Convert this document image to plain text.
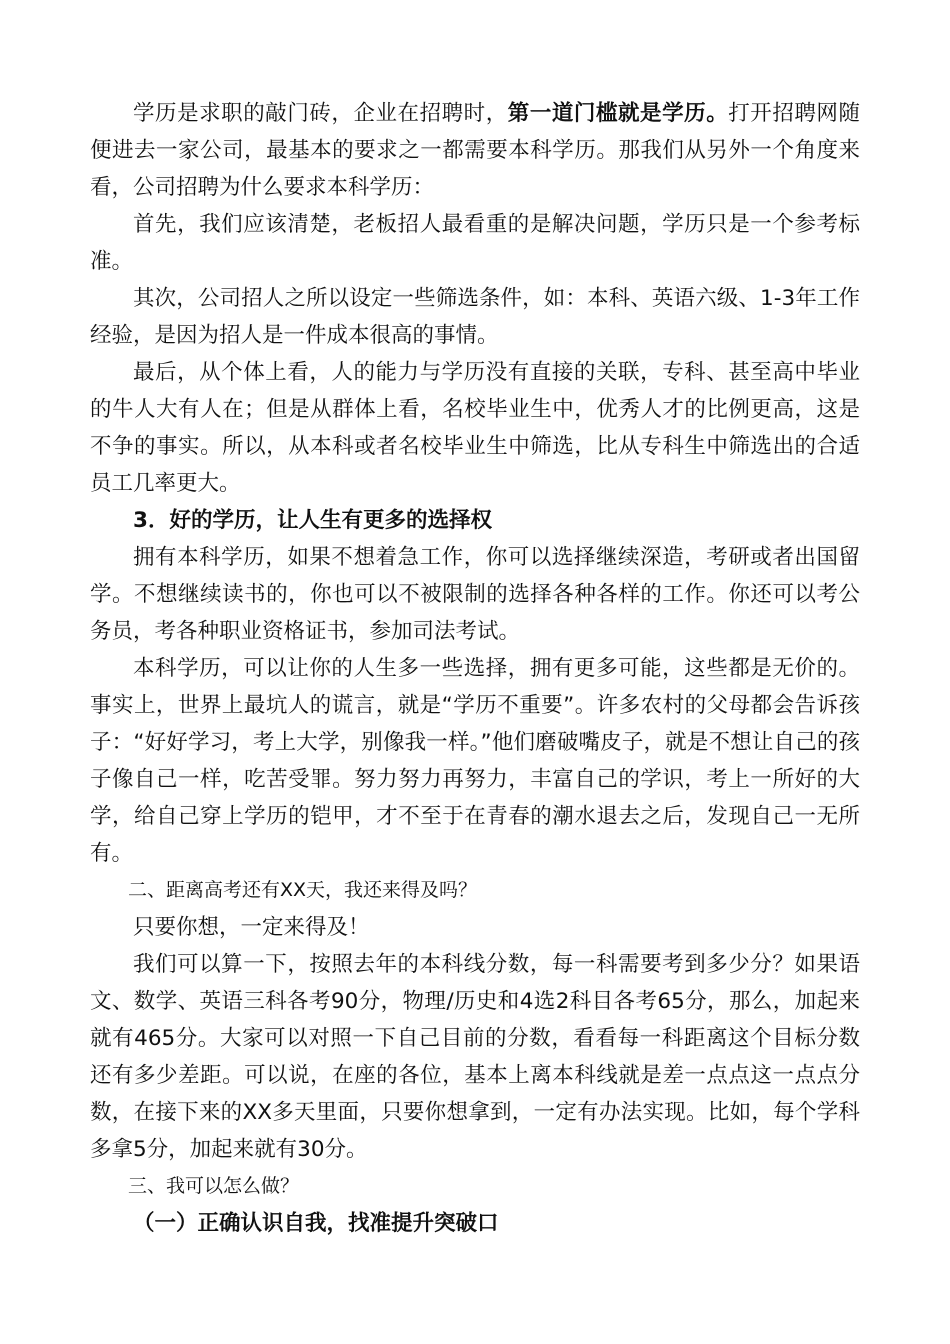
学历是求职的敲门砖，企业在招聘时，第一道门槛就是学历。打开招聘网随便进去一家公司，最基本的要求之一都需要本科学历。那我们从另外一个角度来看，公司招聘为什么要求本科学历：

首先，我们应该清楚，老板招人最看重的是解决问题，学历只是一个参考标准。

其次，公司招人之所以设定一些筛选条件，如：本科、英语六级、1-3年工作经验，是因为招人是一件成本很高的事情。

最后，从个体上看，人的能力与学历没有直接的关联，专科、甚至高中毕业的牛人大有人在；但是从群体上看，名校毕业生中，优秀人才的比例更高，这是不争的事实。所以，从本科或者名校毕业生中筛选，比从专科生中筛选出的合适员工几率更大。

3．好的学历，让人生有更多的选择权

拥有本科学历，如果不想着急工作，你可以选择继续深造，考研或者出国留学。不想继续读书的，你也可以不被限制的选择各种各样的工作。你还可以考公务员，考各种职业资格证书，参加司法考试。

本科学历，可以让你的人生多一些选择，拥有更多可能，这些都是无价的。事实上，世界上最坑人的谎言，就是“学历不重要”。许多农村的父母都会告诉孩子：“好好学习，考上大学，别像我一样。”他们磨破嘴皮子，就是不想让自己的孩子像自己一样，吃苦受罪。努力努力再努力，丰富自己的学识，考上一所好的大学，给自己穿上学历的铠甲，才不至于在青春的潮水退去之后，发现自己一无所有。

二、距离高考还有XX天，我还来得及吗？

只要你想，一定来得及！

我们可以算一下，按照去年的本科线分数，每一科需要考到多少分？如果语文、数学、英语三科各考90分，物理/历史和4选2科目各考65分，那么，加起来就有465分。大家可以对照一下自己目前的分数，看看每一科距离这个目标分数还有多少差距。可以说，在座的各位，基本上离本科线就是差一点点这一点点分数，在接下来的XX多天里面，只要你想拿到，一定有办法实现。比如，每个学科多拿5分，加起来就有30分。

三、我可以怎么做？

（一）正确认识自我，找准提升突破口
